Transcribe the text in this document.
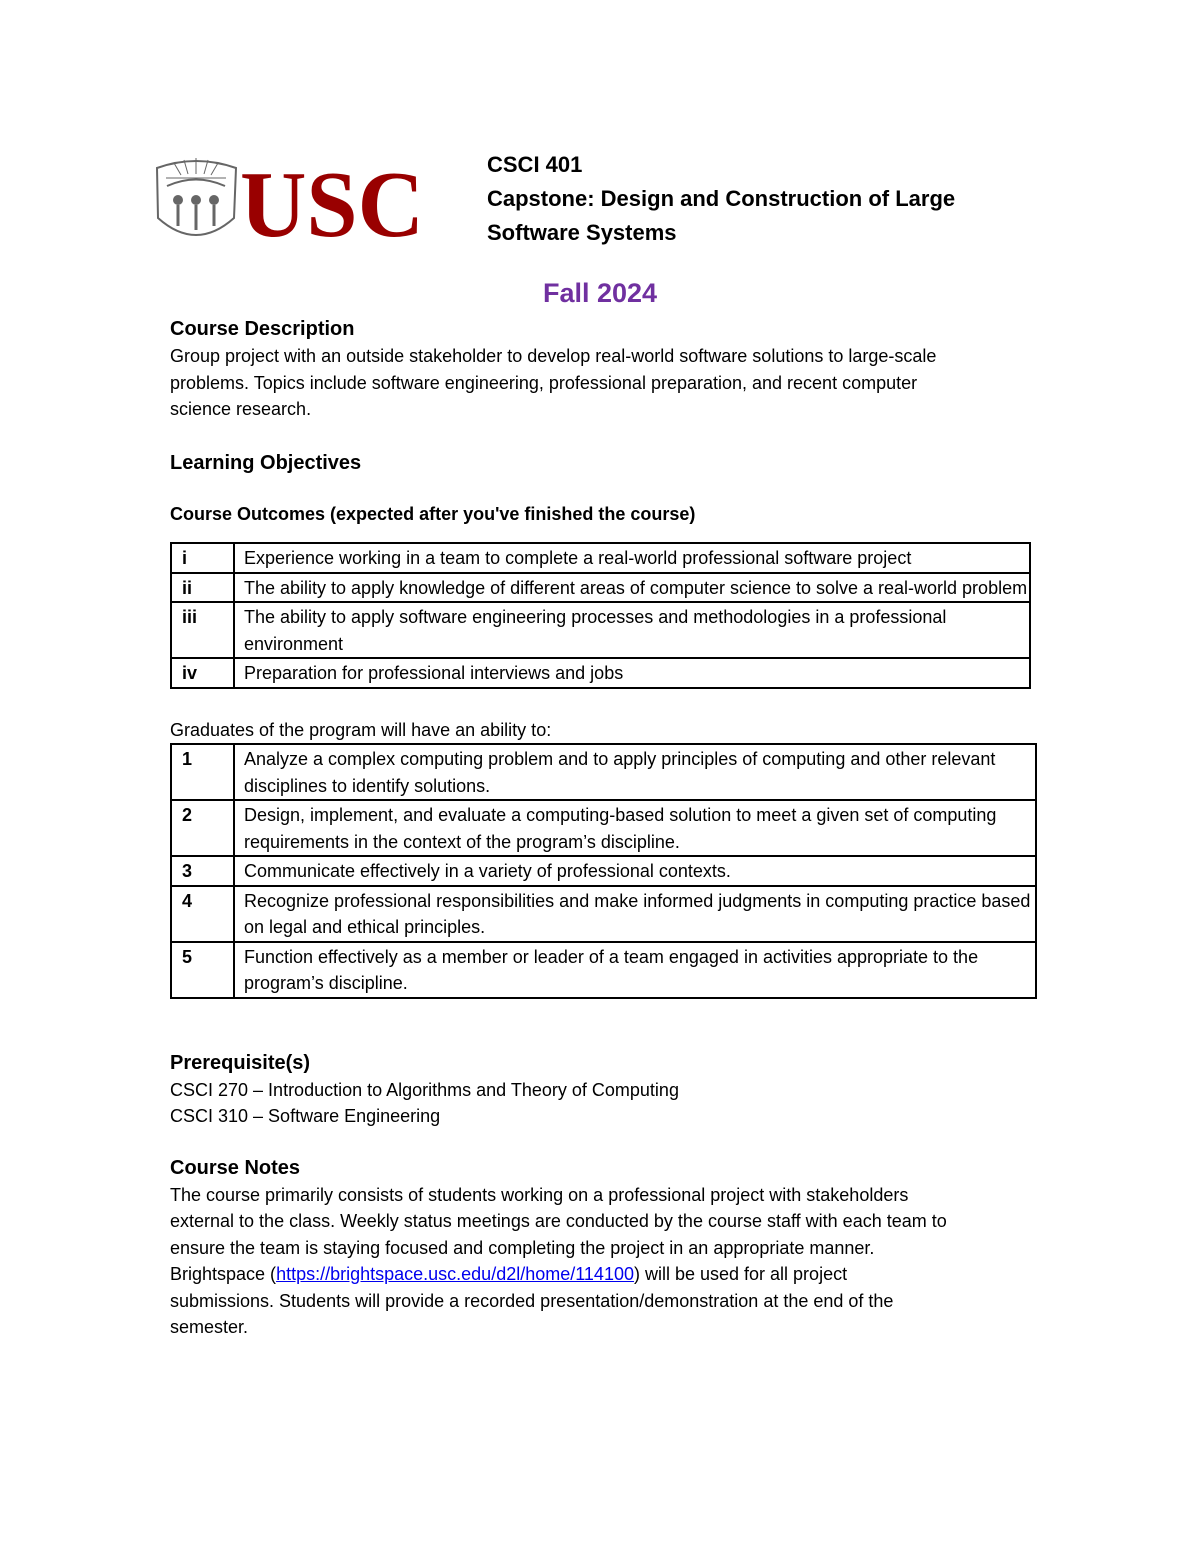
USC	CSCI 401
Capstone: Design and Construction of Large
Software Systems
Fall 2024

Course Description

Group project with an outside stakeholder to develop real-world software solutions to large-scale

problems. Topics include software engineering, professional preparation, and recent computer

science research.

Learning Objectives

Course Outcomes (expected after you've finished the course)

i	Experience working in a team to complete a real-world professional software project
ii	The ability to apply knowledge of different areas of computer science to solve a real-world problem
iii	The ability to apply software engineering processes and methodologies in a professional environment
iv	Preparation for professional interviews and jobs

Graduates of the program will have an ability to:

1	Analyze a complex computing problem and to apply principles of computing and other relevant disciplines to identify solutions.
2	Design, implement, and evaluate a computing-based solution to meet a given set of computing requirements in the context of the program’s discipline.
3	Communicate effectively in a variety of professional contexts.
4	Recognize professional responsibilities and make informed judgments in computing practice based on legal and ethical principles.
5	Function effectively as a member or leader of a team engaged in activities appropriate to the program’s discipline.

Prerequisite(s)

CSCI 270 – Introduction to Algorithms and Theory of Computing

CSCI 310 – Software Engineering

Course Notes

The course primarily consists of students working on a professional project with stakeholders

external to the class. Weekly status meetings are conducted by the course staff with each team to

ensure the team is staying focused and completing the project in an appropriate manner.

Brightspace (https://brightspace.usc.edu/d2l/home/114100) will be used for all project

submissions. Students will provide a recorded presentation/demonstration at the end of the

semester.
